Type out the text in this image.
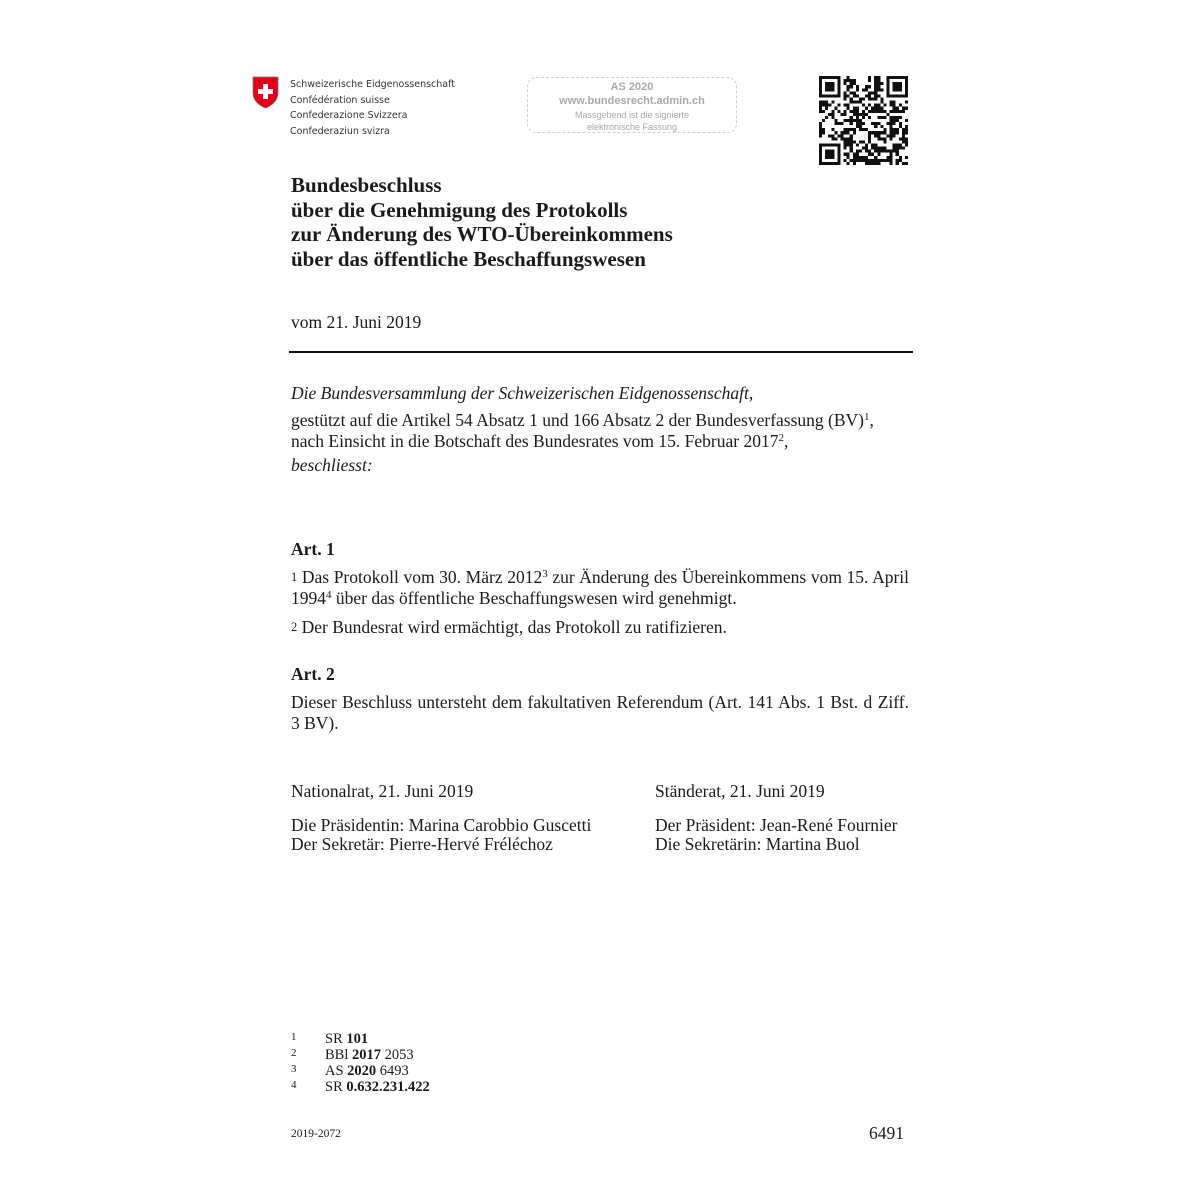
Schweizerische Eidgenossenschaft
Confédération suisse
Confederazione Svizzera
Confederaziun svizra
AS 2020
www.bundesrecht.admin.ch
Massgebend ist die signierte
elektronische Fassung
Bundesbeschluss
über die Genehmigung des Protokolls
zur Änderung des WTO-Übereinkommens
über das öffentliche Beschaffungswesen
vom 21. Juni 2019
Die Bundesversammlung der Schweizerischen Eidgenossenschaft,
gestützt auf die Artikel 54 Absatz 1 und 166 Absatz 2 der Bundesverfassung (BV)$^1$,
nach Einsicht in die Botschaft des Bundesrates vom 15. Februar 2017$^2$,
beschliesst:
Art. 1
$^1$ Das Protokoll vom 30. März 2012$^3$ zur Änderung des Übereinkommens vom 15. April 1994$^4$ über das öffentliche Beschaffungswesen wird genehmigt.
$^2$ Der Bundesrat wird ermächtigt, das Protokoll zu ratifizieren.
Art. 2
Dieser Beschluss untersteht dem fakultativen Referendum (Art. 141 Abs. 1 Bst. d Ziff. 3 BV).
Nationalrat, 21. Juni 2019
Die Präsidentin: Marina Carobbio Guscetti
Der Sekretär: Pierre-Hervé Fréléchoz
Ständerat, 21. Juni 2019
Der Präsident: Jean-René Fournier
Die Sekretärin: Martina Buol
1	SR 101
2	BBl 2017 2053
3	AS 2020 6493
4	SR 0.632.231.422
2019-2072	6491
